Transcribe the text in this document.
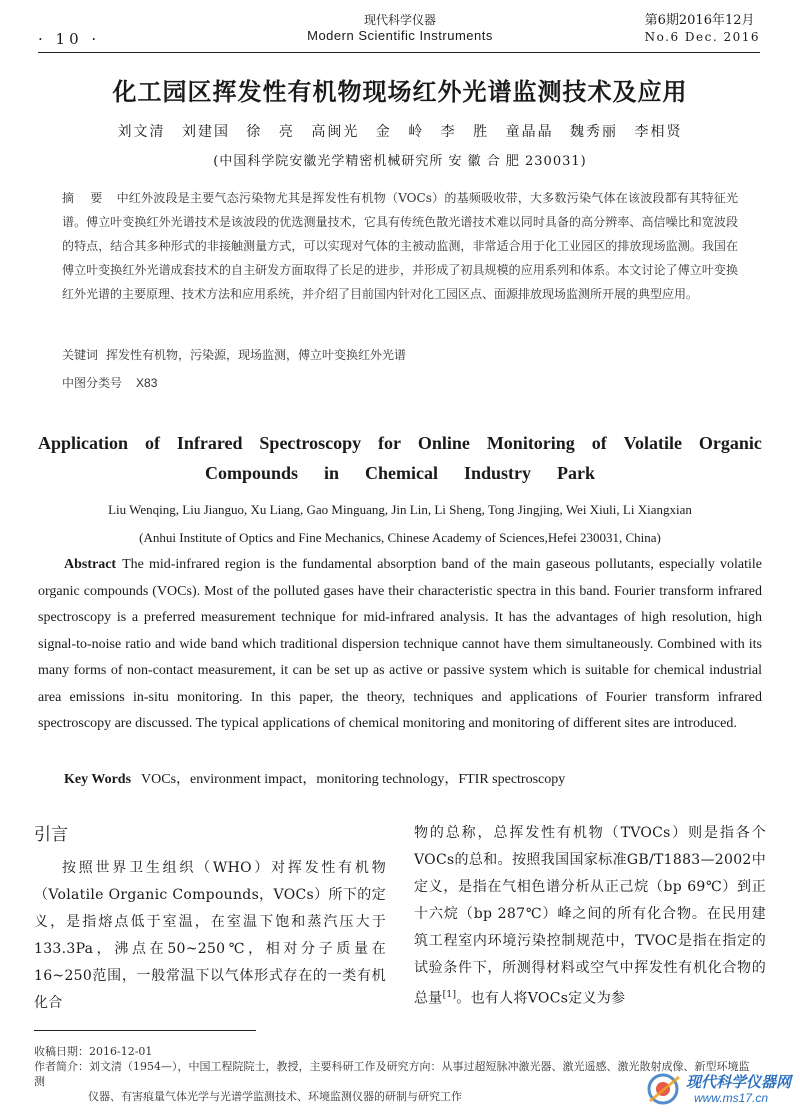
· 10 ·
现代科学仪器
Modern Scientific Instruments
第6期2016年12月
No.6 Dec. 2016
化工园区挥发性有机物现场红外光谱监测技术及应用
刘文清 刘建国 徐 亮 高闽光 金 岭 李 胜 童晶晶 魏秀丽 李相贤
(中国科学院安徽光学精密机械研究所 安 徽 合 肥 230031)
摘 要 中红外波段是主要气态污染物尤其是挥发性有机物（VOCs）的基频吸收带，大多数污染气体在该波段都有其特征光谱。傅立叶变换红外光谱技术是该波段的优选测量技术，它具有传统色散光谱技术难以同时具备的高分辨率、高信噪比和宽波段的特点，结合其多种形式的非接触测量方式，可以实现对气体的主被动监测，非常适合用于化工业园区的排放现场监测。我国在傅立叶变换红外光谱成套技术的自主研发方面取得了长足的进步，并形成了初具规模的应用系列和体系。本文讨论了傅立叶变换红外光谱的主要原理、技术方法和应用系统，并介绍了目前国内针对化工园区点、面源排放现场监测所开展的典型应用。
关键词 挥发性有机物，污染源，现场监测，傅立叶变换红外光谱
中图分类号 X83
Application of Infrared Spectroscopy for Online Monitoring of Volatile Organic
Compounds in Chemical Industry Park
Liu Wenqing, Liu Jianguo, Xu Liang, Gao Minguang, Jin Lin, Li Sheng, Tong Jingjing, Wei Xiuli, Li Xiangxian
(Anhui Institute of Optics and Fine Mechanics, Chinese Academy of Sciences,Hefei 230031, China)
Abstract The mid-infrared region is the fundamental absorption band of the main gaseous pollutants, especially volatile organic compounds (VOCs). Most of the polluted gases have their characteristic spectra in this band. Fourier transform infrared spectroscopy is a preferred measurement technique for mid-infrared analysis. It has the advantages of high resolution, high signal-to-noise ratio and wide band which traditional dispersion technique cannot have them simultaneously. Combined with its many forms of non-contact measurement, it can be set up as active or passive system which is suitable for chemical industrial area emissions in-situ monitoring. In this paper, the theory, techniques and applications of Fourier transform infrared spectroscopy are discussed. The typical applications of chemical monitoring and monitoring of different sites are introduced.
Key Words VOCs，environment impact，monitoring technology，FTIR spectroscopy
引言
按照世界卫生组织（WHO）对挥发性有机物（Volatile Organic Compounds，VOCs）所下的定义，是指熔点低于室温，在室温下饱和蒸汽压大于133.3Pa，沸点在50~250℃，相对分子质量在16~250范围，一般常温下以气体形式存在的一类有机化合
物的总称，总挥发性有机物（TVOCs）则是指各个VOCs的总和。按照我国国家标准GB/T1883—2002中定义，是指在气相色谱分析从正己烷（bp 69℃）到正十六烷（bp 287℃）峰之间的所有化合物。在民用建筑工程室内环境污染控制规范中，TVOC是指在指定的试验条件下，所测得材料或空气中挥发性有机化合物的总量[1]。也有人将VOCs定义为参
收稿日期：2016-12-01
作者简介：刘文清（1954—），中国工程院院士，教授，主要科研工作及研究方向：从事过超短脉冲激光器、激光遥感、激光散射成像、新型环境监测
仪器、有害痕量气体光学与光谱学监测技术、环境监测仪器的研制与研究工作
现代科学仪器网
www.ms17.cn
